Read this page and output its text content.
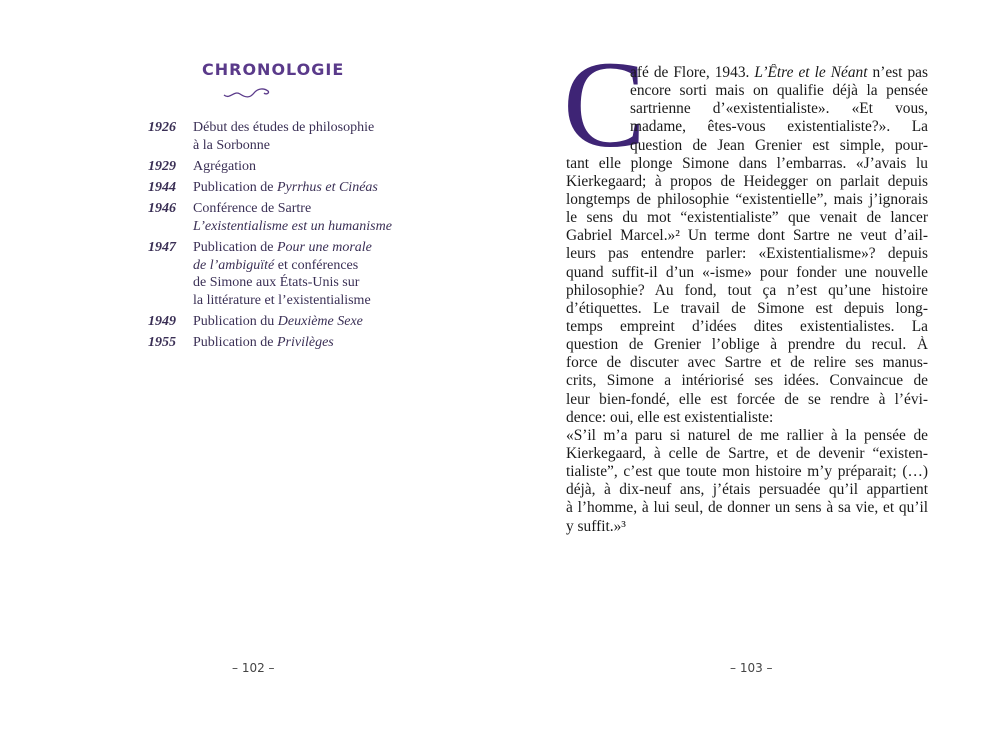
CHRONOLOGIE
1926	Début des études de philosophie
à la Sorbonne
1929	Agrégation
1944	Publication de Pyrrhus et Cinéas
1946	Conférence de Sartre
L’existentialisme est un humanisme
1947	Publication de Pour une morale
de l’ambiguïté et conférences
de Simone aux États-Unis sur
la littérature et l’existentialisme
1949	Publication du Deuxième Sexe
1955	Publication de Privilèges
– 102 –
C
afé de Flore, 1943. L’Être et le Néant n’est pas
encore sorti mais on qualifie déjà la pensée
sartrienne d’«existentialiste». «Et vous,
madame, êtes-vous existentialiste?». La
question de Jean Grenier est simple, pour-
tant elle plonge Simone dans l’embarras. «J’avais lu
Kierkegaard; à propos de Heidegger on parlait depuis
longtemps de philosophie “existentielle”, mais j’ignorais
le sens du mot “existentialiste” que venait de lancer
Gabriel Marcel.»² Un terme dont Sartre ne veut d’ail-
leurs pas entendre parler: «Existentialisme»? depuis
quand suffit-il d’un «-isme» pour fonder une nouvelle
philosophie? Au fond, tout ça n’est qu’une histoire
d’étiquettes. Le travail de Simone est depuis long-
temps empreint d’idées dites existentialistes. La
question de Grenier l’oblige à prendre du recul. À
force de discuter avec Sartre et de relire ses manus-
crits, Simone a intériorisé ses idées. Convaincue de
leur bien-fondé, elle est forcée de se rendre à l’évi-
dence: oui, elle est existentialiste:
«S’il m’a paru si naturel de me rallier à la pensée de
Kierkegaard, à celle de Sartre, et de devenir “existen-
tialiste”, c’est que toute mon histoire m’y préparait; (…)
déjà, à dix-neuf ans, j’étais persuadée qu’il appartient
à l’homme, à lui seul, de donner un sens à sa vie, et qu’il
y suffit.»³
– 103 –
